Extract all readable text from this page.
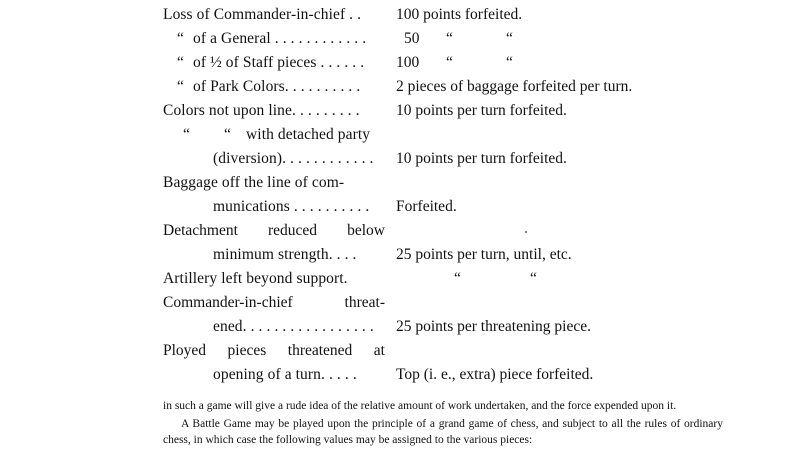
Loss of Commander-in-chief . . 100 points forfeited.
“ of a General . . . . . . . . . . . . 50 “	“
“ of ½ of Staff pieces . . . . . . 100 “	“
“ of Park Colors. . . . . . . . . . 2 pieces of baggage forfeited per turn.
Colors not upon line. . . . . . . . . 10 points per turn forfeited.
“ “ with detached party
(diversion). . . . . . . . . . . . 10 points per turn forfeited.
Baggage off the line of com-
munications . . . . . . . . . . Forfeited.
Detachment reduced below
minimum strength. . . .	25 points per turn, until, etc.
Artillery left beyond support.	“	“
Commander-in-chief	threat-
ened. . . . . . . . . . . . . . . . . 25 points per threatening piece.
Ployed pieces threatened at
opening of a turn. . . . .	Top (i. e., extra) piece forfeited.

in such a game will give a rude idea of the relative amount of work undertaken, and the force expended upon it.

A Battle Game may be played upon the principle of a grand game of chess, and subject to all the rules of ordinary chess, in which case the following values may be assigned to the various pieces:
